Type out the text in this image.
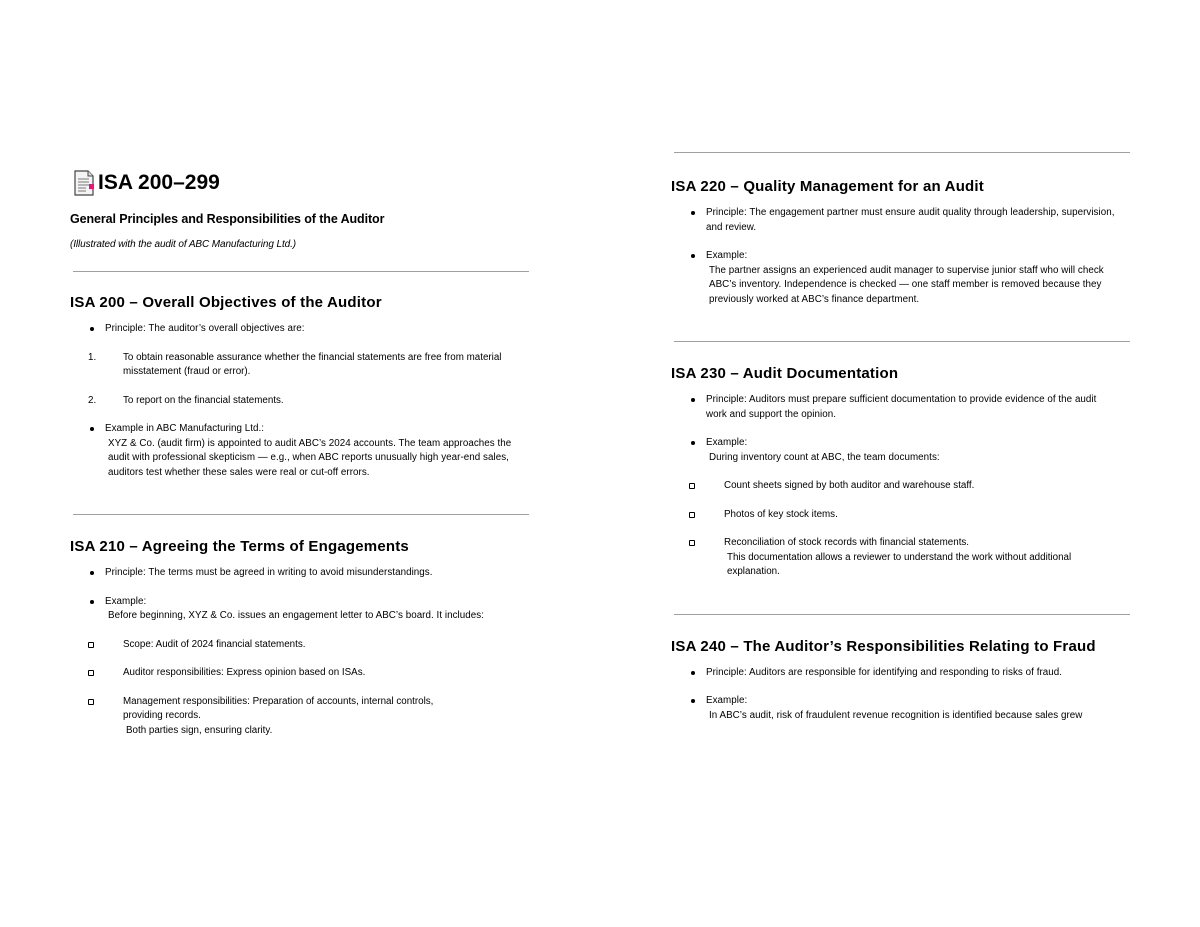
ISA 200–299

General Principles and Responsibilities of the Auditor

(Illustrated with the audit of ABC Manufacturing Ltd.)

ISA 200 – Overall Objectives of the Auditor
Principle: The auditor’s overall objectives are:
1.	To obtain reasonable assurance whether the financial statements are free from material misstatement (fraud or error).
2.	To report on the financial statements.
Example in ABC Manufacturing Ltd.:
XYZ & Co. (audit firm) is appointed to audit ABC’s 2024 accounts. The team approaches the audit with professional skepticism — e.g., when ABC reports unusually high year-end sales, auditors test whether these sales were real or cut-off errors.
ISA 210 – Agreeing the Terms of Engagements
Principle: The terms must be agreed in writing to avoid misunderstandings.
Example:
Before beginning, XYZ & Co. issues an engagement letter to ABC’s board. It includes:
Scope: Audit of 2024 financial statements.
Auditor responsibilities: Express opinion based on ISAs.
Management responsibilities: Preparation of accounts, internal controls, providing records.
Both parties sign, ensuring clarity.
ISA 220 – Quality Management for an Audit
Principle: The engagement partner must ensure audit quality through leadership, supervision, and review.
Example:
The partner assigns an experienced audit manager to supervise junior staff who will check ABC’s inventory. Independence is checked — one staff member is removed because they previously worked at ABC’s finance department.
ISA 230 – Audit Documentation
Principle: Auditors must prepare sufficient documentation to provide evidence of the audit work and support the opinion.
Example:
During inventory count at ABC, the team documents:
Count sheets signed by both auditor and warehouse staff.
Photos of key stock items.
Reconciliation of stock records with financial statements.
This documentation allows a reviewer to understand the work without additional explanation.
ISA 240 – The Auditor’s Responsibilities Relating to Fraud
Principle: Auditors are responsible for identifying and responding to risks of fraud.
Example:
In ABC’s audit, risk of fraudulent revenue recognition is identified because sales grew
